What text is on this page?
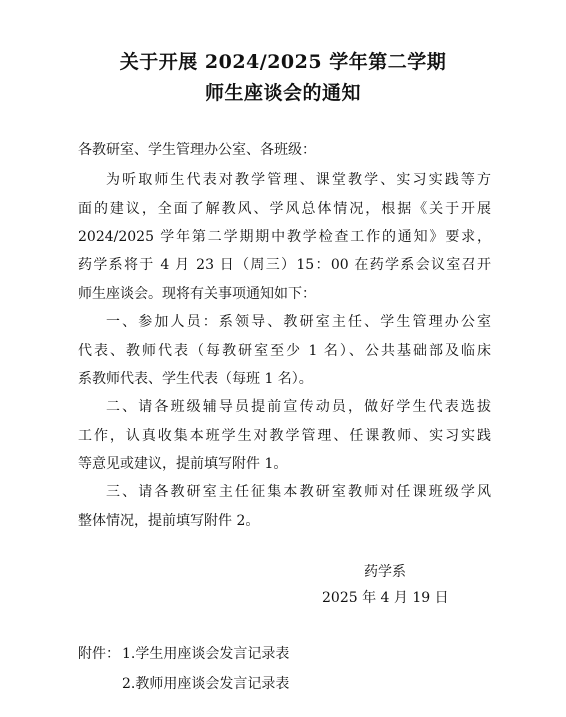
关于开展 2024/2025 学年第二学期
师生座谈会的通知
各教研室、学生管理办公室、各班级：
为听取师生代表对教学管理、课堂教学、实习实践等方
面的建议，全面了解教风、学风总体情况，根据《关于开展
2024/2025 学年第二学期期中教学检查工作的通知》要求，
药学系将于 4 月 23 日（周三）15：00 在药学系会议室召开
师生座谈会。现将有关事项通知如下：
一、参加人员：系领导、教研室主任、学生管理办公室
代表、教师代表（每教研室至少 1 名）、公共基础部及临床
系教师代表、学生代表（每班 1 名）。
二、请各班级辅导员提前宣传动员，做好学生代表选拔
工作，认真收集本班学生对教学管理、任课教师、实习实践
等意见或建议，提前填写附件 1。
三、请各教研室主任征集本教研室教师对任课班级学风
整体情况，提前填写附件 2。
药学系
2025 年 4 月 19 日
附件： 1.学生用座谈会发言记录表
2.教师用座谈会发言记录表
